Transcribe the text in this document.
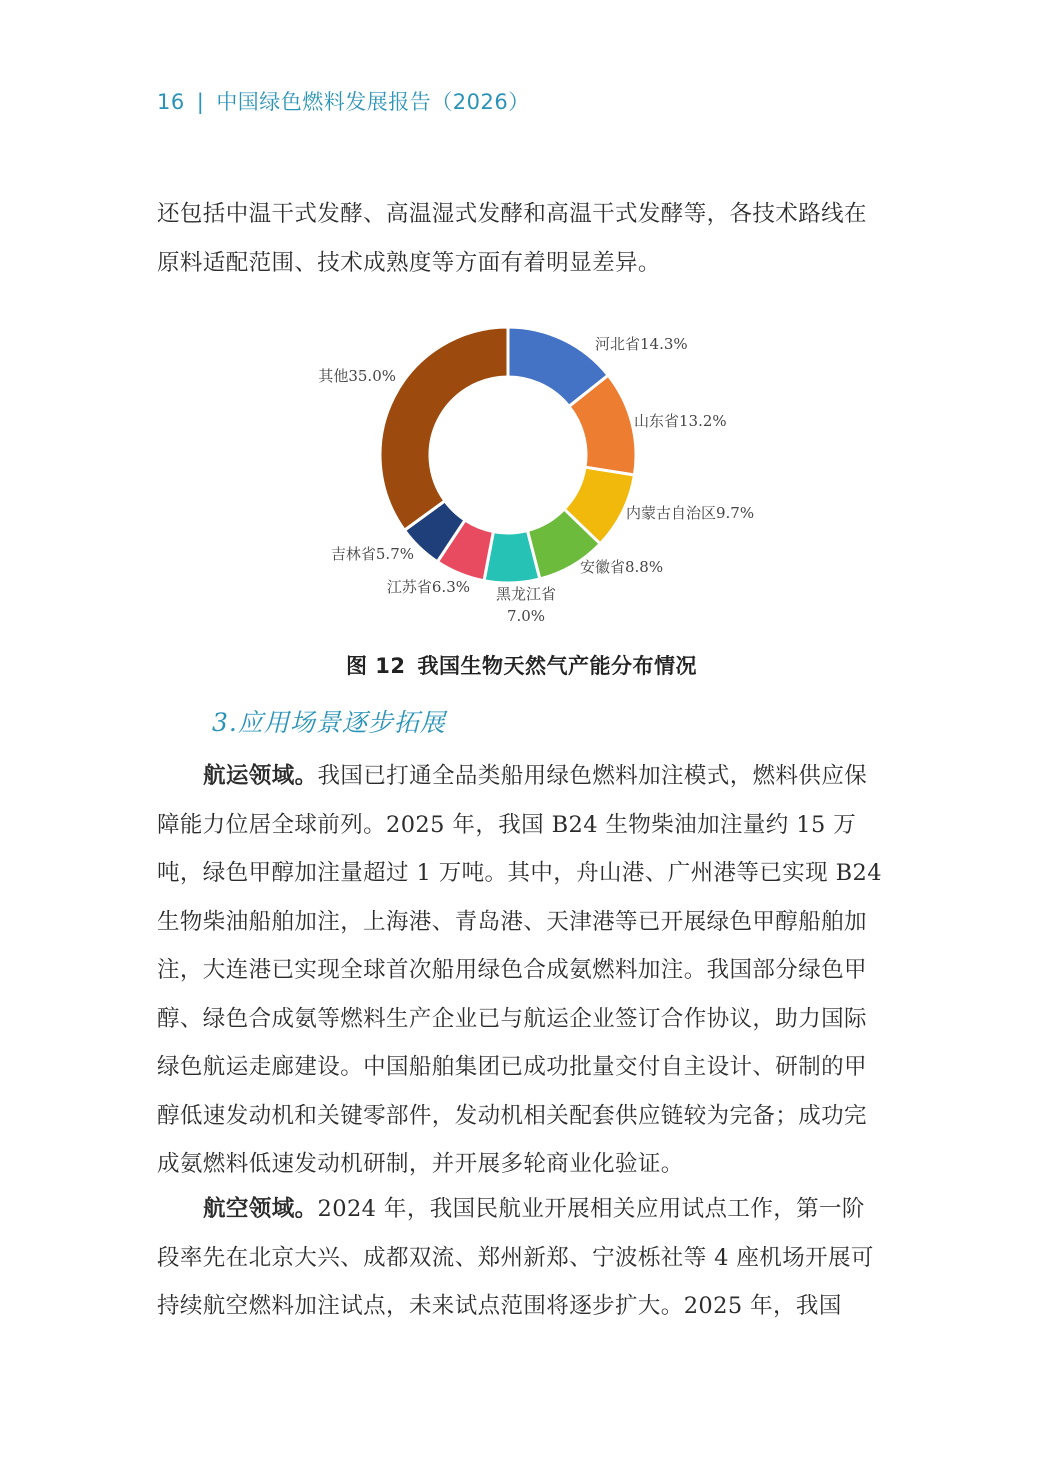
16 | 中国绿色燃料发展报告（2026）

还包括中温干式发酵、高温湿式发酵和高温干式发酵等，各技术路线在原料适配范围、技术成熟度等方面有着明显差异。

河北省14.3%
山东省13.2%
内蒙古自治区9.7%
安徽省8.8%
黑龙江省
7.0%
江苏省6.3%
吉林省5.7%
其他35.0%
图 12 我国生物天然气产能分布情况
3.应用场景逐步拓展

航运领域。我国已打通全品类船用绿色燃料加注模式，燃料供应保障能力位居全球前列。2025 年，我国 B24 生物柴油加注量约 15 万吨，绿色甲醇加注量超过 1 万吨。其中，舟山港、广州港等已实现 B24 生物柴油船舶加注，上海港、青岛港、天津港等已开展绿色甲醇船舶加注，大连港已实现全球首次船用绿色合成氨燃料加注。我国部分绿色甲醇、绿色合成氨等燃料生产企业已与航运企业签订合作协议，助力国际绿色航运走廊建设。中国船舶集团已成功批量交付自主设计、研制的甲醇低速发动机和关键零部件，发动机相关配套供应链较为完备；成功完成氨燃料低速发动机研制，并开展多轮商业化验证。

航空领域。2024 年，我国民航业开展相关应用试点工作，第一阶段率先在北京大兴、成都双流、郑州新郑、宁波栎社等 4 座机场开展可持续航空燃料加注试点，未来试点范围将逐步扩大。2025 年，我国
